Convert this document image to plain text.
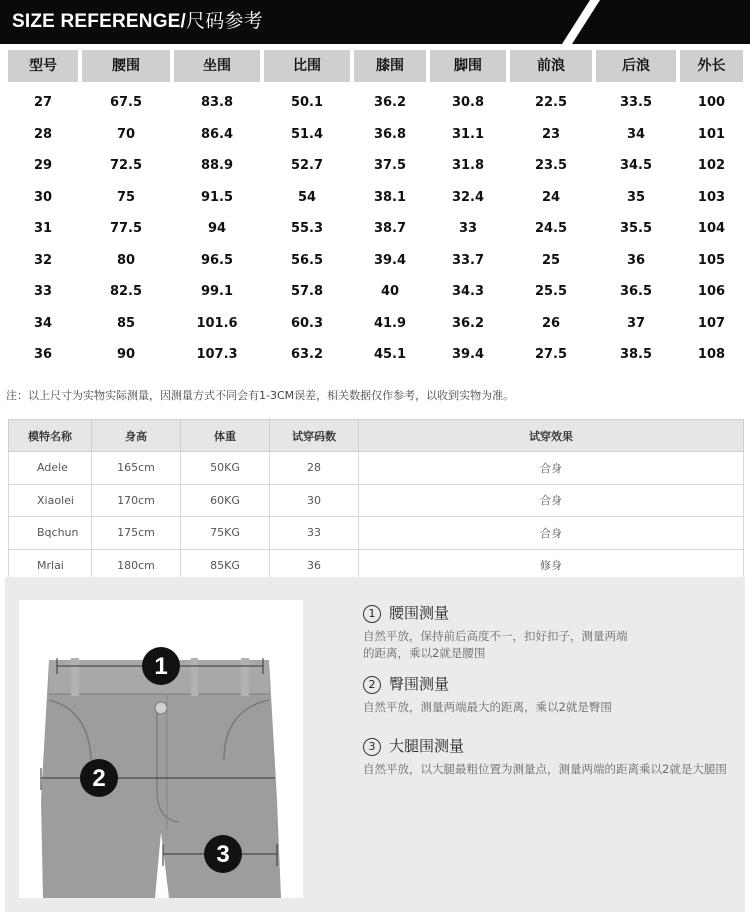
SIZE REFERENGE/尺码参考
型号	腰围	坐围	比围	膝围	脚围	前浪	后浪	外长
27	67.5	83.8	50.1	36.2	30.8	22.5	33.5	100
28	70	86.4	51.4	36.8	31.1	23	34	101
29	72.5	88.9	52.7	37.5	31.8	23.5	34.5	102
30	75	91.5	54	38.1	32.4	24	35	103
31	77.5	94	55.3	38.7	33	24.5	35.5	104
32	80	96.5	56.5	39.4	33.7	25	36	105
33	82.5	99.1	57.8	40	34.3	25.5	36.5	106
34	85	101.6	60.3	41.9	36.2	26	37	107
36	90	107.3	63.2	45.1	39.4	27.5	38.5	108
注：以上尺寸为实物实际测量，因测量方式不同会有1-3CM误差，相关数据仅作参考，以收到实物为准。
模特名称	身高	体重	试穿码数	试穿效果
Adele	165cm	50KG	28	合身
Xiaolei	170cm	60KG	30	合身
Bqchun	175cm	75KG	33	合身
Mrlai	180cm	85KG	36	修身
1
2
3
1 腰围测量
自然平放，保持前后高度不一，扣好扣子，测量两端
的距离，乘以2就是腰围
2 臀围测量
自然平放，测量两端最大的距离，乘以2就是臀围
3 大腿围测量
自然平放，以大腿最粗位置为测量点，测量两端的距离乘以2就是大腿围
